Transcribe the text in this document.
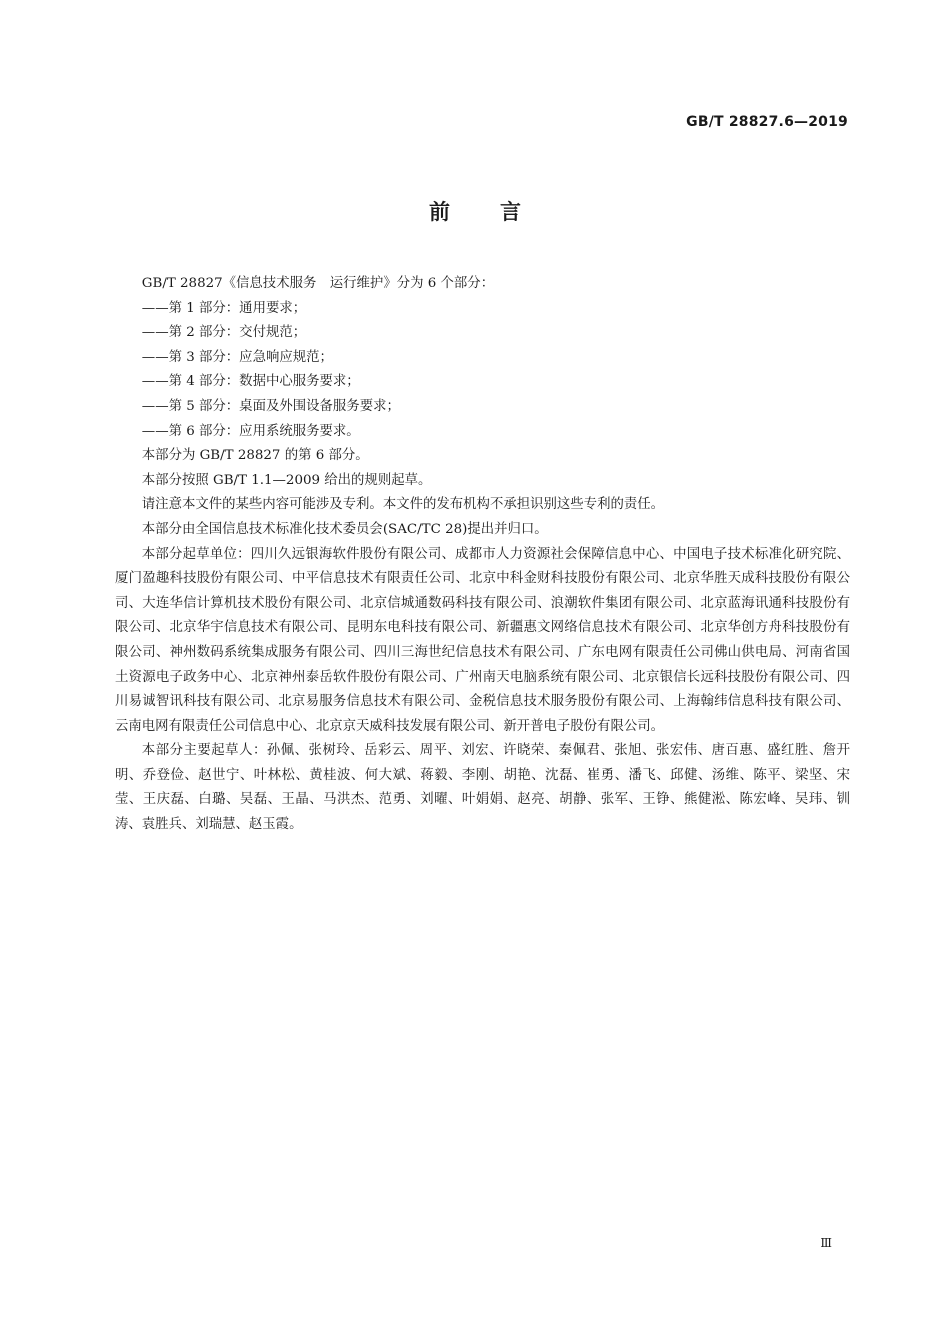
GB/T 28827.6—2019
前言

GB/T 28827《信息技术服务　运行维护》分为 6 个部分：

——第 1 部分：通用要求；

——第 2 部分：交付规范；

——第 3 部分：应急响应规范；

——第 4 部分：数据中心服务要求；

——第 5 部分：桌面及外围设备服务要求；

——第 6 部分：应用系统服务要求。

本部分为 GB/T 28827 的第 6 部分。

本部分按照 GB/T 1.1—2009 给出的规则起草。

请注意本文件的某些内容可能涉及专利。本文件的发布机构不承担识别这些专利的责任。

本部分由全国信息技术标准化技术委员会(SAC/TC 28)提出并归口。

本部分起草单位：四川久远银海软件股份有限公司、成都市人力资源社会保障信息中心、中国电子技术标准化研究院、厦门盈趣科技股份有限公司、中平信息技术有限责任公司、北京中科金财科技股份有限公司、北京华胜天成科技股份有限公司、大连华信计算机技术股份有限公司、北京信城通数码科技有限公司、浪潮软件集团有限公司、北京蓝海讯通科技股份有限公司、北京华宇信息技术有限公司、昆明东电科技有限公司、新疆惠文网络信息技术有限公司、北京华创方舟科技股份有限公司、神州数码系统集成服务有限公司、四川三海世纪信息技术有限公司、广东电网有限责任公司佛山供电局、河南省国土资源电子政务中心、北京神州泰岳软件股份有限公司、广州南天电脑系统有限公司、北京银信长远科技股份有限公司、四川易诚智讯科技有限公司、北京易服务信息技术有限公司、金税信息技术服务股份有限公司、上海翰纬信息科技有限公司、云南电网有限责任公司信息中心、北京京天威科技发展有限公司、新开普电子股份有限公司。

本部分主要起草人：孙佩、张树玲、岳彩云、周平、刘宏、许晓荣、秦佩君、张旭、张宏伟、唐百惠、盛红胜、詹开明、乔登俭、赵世宁、叶林松、黄桂波、何大斌、蒋毅、李刚、胡艳、沈磊、崔勇、潘飞、邱健、汤维、陈平、梁坚、宋莹、王庆磊、白璐、吴磊、王晶、马洪杰、范勇、刘曜、叶娟娟、赵亮、胡静、张军、王铮、熊健淞、陈宏峰、吴玮、钏涛、袁胜兵、刘瑞慧、赵玉霞。

Ⅲ
